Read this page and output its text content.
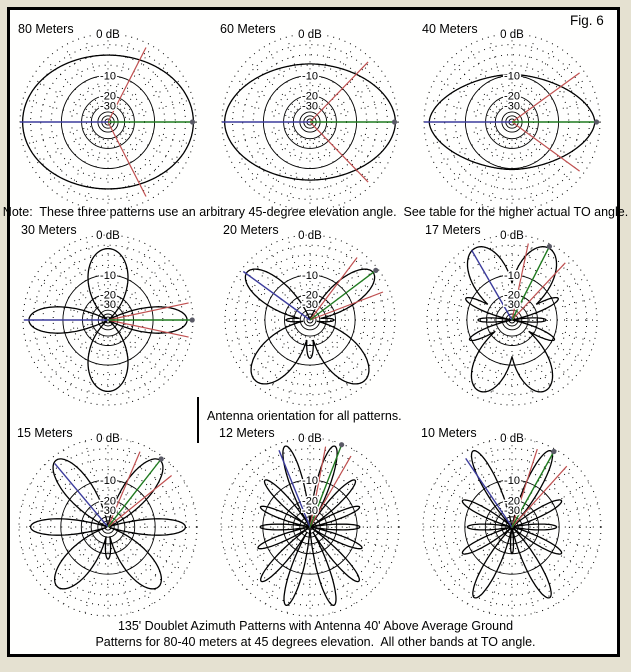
Fig. 6
-10
-20
-30
0 dB
80 Meters
-10
-20
-30
0 dB
60 Meters
-10
-20
-30
0 dB
40 Meters
-10
-20
-30
0 dB
30 Meters
-10
-20
-30
0 dB
20 Meters
-10
-20
-30
0 dB
17 Meters
-10
-20
-30
0 dB
15 Meters
-10
-20
-30
0 dB
12 Meters
-10
-20
-30
0 dB
10 Meters
Note:  These three patterns use an arbitrary 45-degree elevation angle.  See table for the higher actual TO angle.
Antenna orientation for all patterns.
135' Doublet Azimuth Patterns with Antenna 40' Above Average Ground
Patterns for 80-40 meters at 45 degrees elevation.  All other bands at TO angle.
